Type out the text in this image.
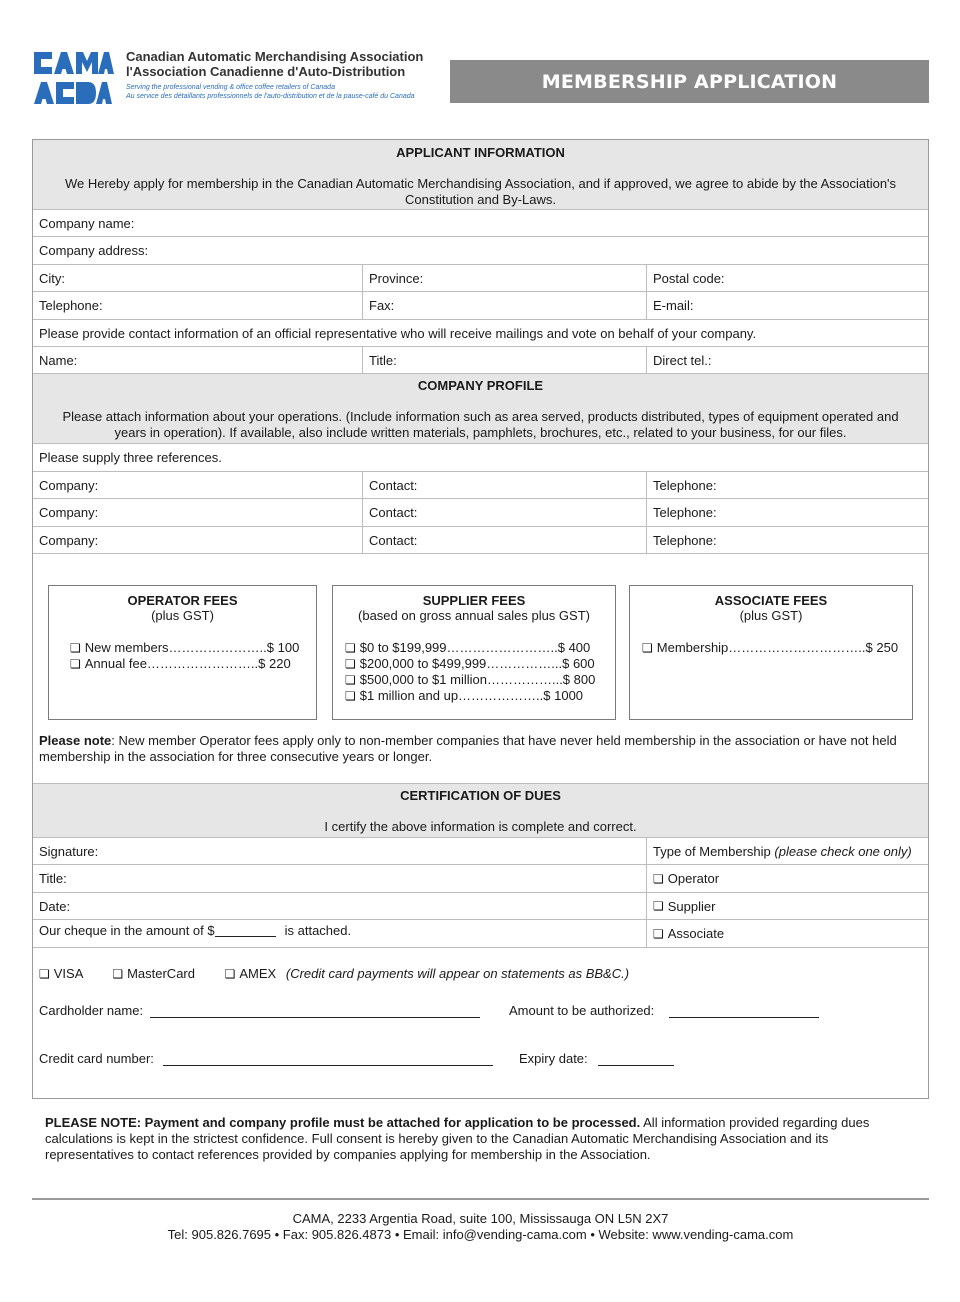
Canadian Automatic Merchandising Association
l'Association Canadienne d'Auto-Distribution
Serving the professional vending & office coffee retailers of Canada
Au service des détaillants professionnels de l'auto-distribution et de la pause-café du Canada
MEMBERSHIP APPLICATION
APPLICANT INFORMATION
We Hereby apply for membership in the Canadian Automatic Merchandising Association, and if approved, we agree to abide by the Association's Constitution and By-Laws.
Company name:
Company address:
City:	Province:	Postal code:
Telephone:	Fax:	E-mail:
Please provide contact information of an official representative who will receive mailings and vote on behalf of your company.
Name:	Title:	Direct tel.:
COMPANY PROFILE
Please attach information about your operations. (Include information such as area served, products distributed, types of equipment operated and years in operation). If available, also include written materials, pamphlets, brochures, etc., related to your business, for our files.
Please supply three references.
Company:	Contact:	Telephone:
Company:	Contact:	Telephone:
Company:	Contact:	Telephone:
OPERATOR FEES
(plus GST)
❏ New members…………………..$ 100
❏ Annual fee……………………..$ 220
SUPPLIER FEES
(based on gross annual sales plus GST)
❏ $0 to $199,999……………………..$ 400
❏ $200,000 to $499,999……………...$ 600
❏ $500,000 to $1 million……………...$ 800
❏ $1 million and up………………..$ 1000
ASSOCIATE FEES
(plus GST)
❏ Membership…………………………..$ 250
Please note: New member Operator fees apply only to non-member companies that have never held membership in the association or have not held membership in the association for three consecutive years or longer.
CERTIFICATION OF DUES
I certify the above information is complete and correct.
Signature:	Type of Membership
(please check one only)
Title:	❏ Operator
Date:	❏ Supplier
Our cheque in the amount of $	is attached.	❏ Associate
❏ VISA ❏ MasterCard ❏ AMEX (Credit card payments will appear on statements as BB&C.)
Cardholder name:	Amount to be authorized:
Credit card number:	Expiry date:
PLEASE NOTE: Payment and company profile must be attached for application to be processed. All information provided regarding dues calculations is kept in the strictest confidence. Full consent is hereby given to the Canadian Automatic Merchandising Association and its representatives to contact references provided by companies applying for membership in the Association.
CAMA, 2233 Argentia Road, suite 100, Mississauga ON L5N 2X7
Tel: 905.826.7695 • Fax: 905.826.4873 • Email: info@vending-cama.com • Website: www.vending-cama.com
